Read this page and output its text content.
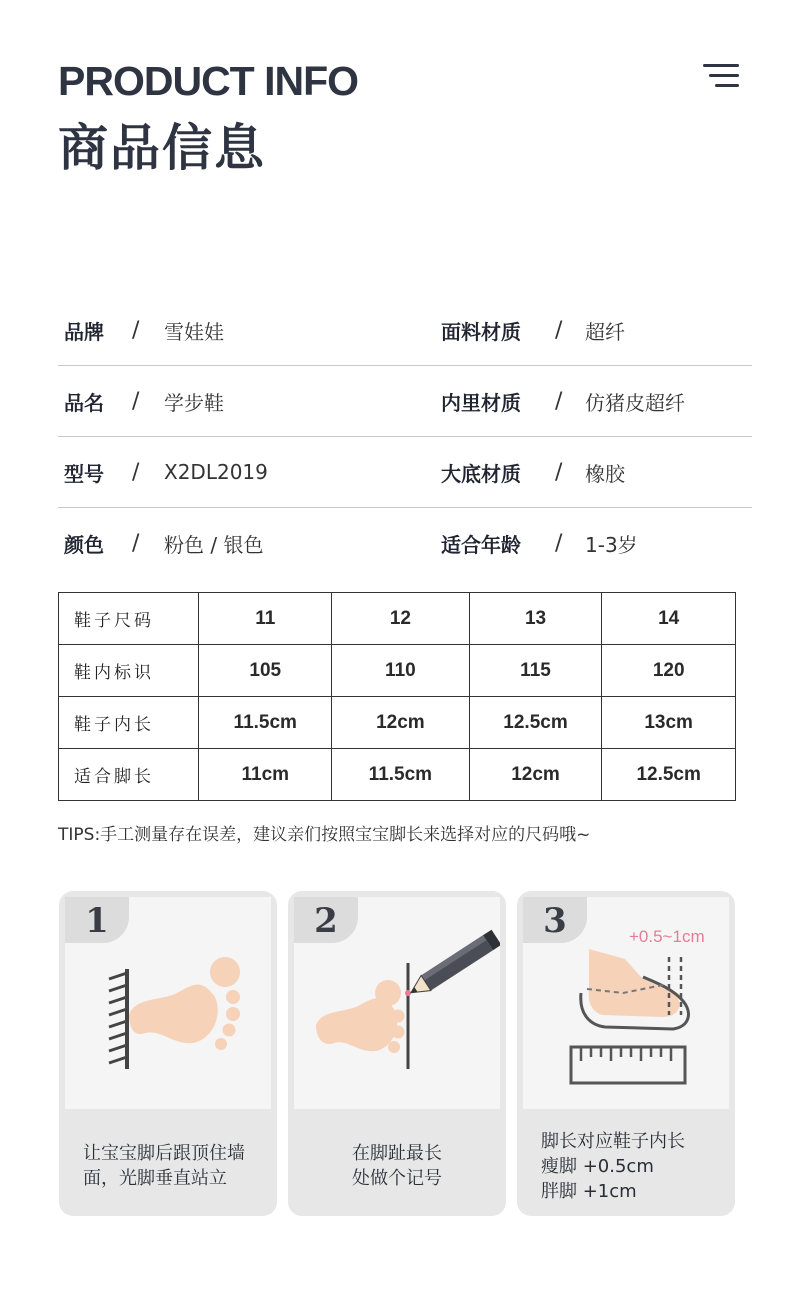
PRODUCT INFO
商品信息
品牌 / 雪娃娃	面料材质 / 超纤
品名 / 学步鞋	内里材质 / 仿猪皮超纤
型号 / X2DL2019	大底材质 / 橡胶
颜色 / 粉色 / 银色	适合年龄 / 1-3岁
鞋子尺码	11	12	13	14
鞋内标识	105	110	115	120
鞋子内长	11.5cm	12cm	12.5cm	13cm
适合脚长	11cm	11.5cm	12cm	12.5cm
TIPS:手工测量存在误差，建议亲们按照宝宝脚长来选择对应的尺码哦~
1
让宝宝脚后跟顶住墙
面，光脚垂直站立
2
在脚趾最长
处做个记号
3	+0.5~1cm
脚长对应鞋子内长
瘦脚 +0.5cm
胖脚 +1cm
